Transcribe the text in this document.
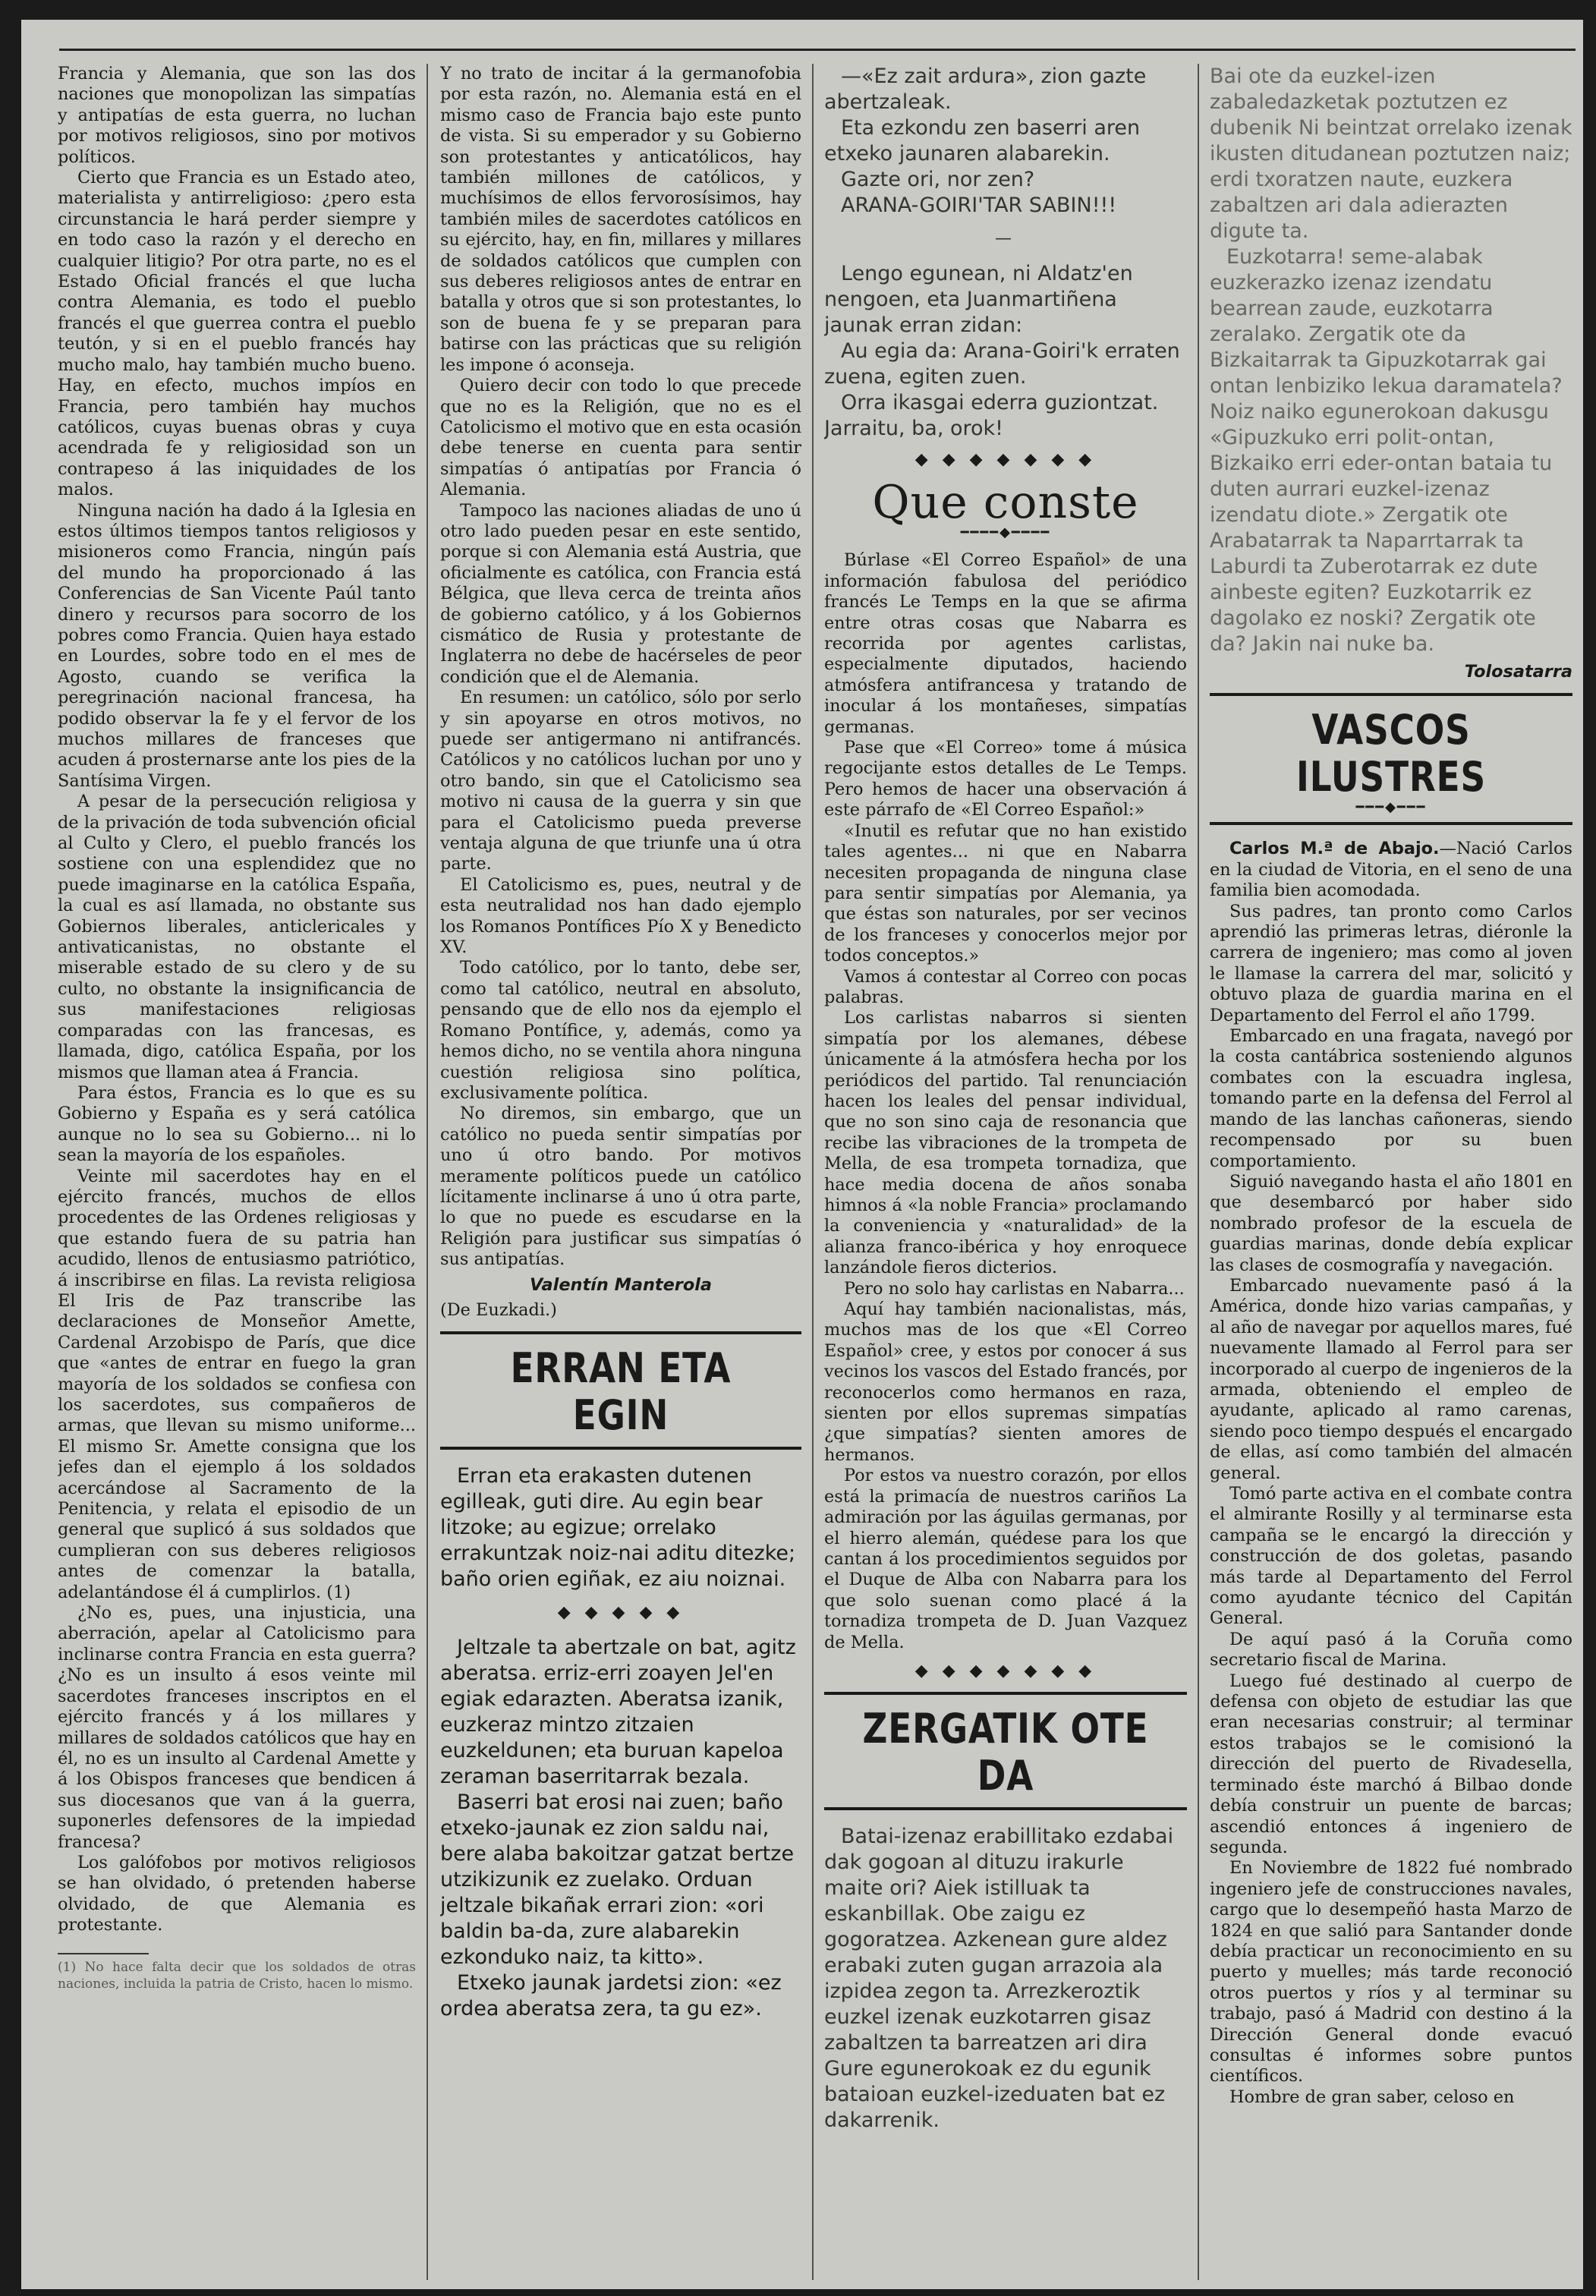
Francia y Alemania, que son las dos naciones que monopolizan las simpatías y antipatías de esta guerra, no luchan por motivos religiosos, sino por motivos políticos.

Cierto que Francia es un Estado ateo, materialista y antirreligioso: ¿pero esta circunstancia le hará perder siempre y en todo caso la razón y el derecho en cualquier litigio? Por otra parte, no es el Estado Oficial francés el que lucha contra Alemania, es todo el pueblo francés el que guerrea contra el pueblo teutón, y si en el pueblo francés hay mucho malo, hay también mucho bueno. Hay, en efecto, muchos impíos en Francia, pero también hay muchos católicos, cuyas buenas obras y cuya acendrada fe y religiosidad son un contrapeso á las iniquidades de los malos.

Ninguna nación ha dado á la Iglesia en estos últimos tiempos tantos religiosos y misioneros como Francia, ningún país del mundo ha proporcionado á las Conferencias de San Vicente Paúl tanto dinero y recursos para socorro de los pobres como Francia. Quien haya estado en Lourdes, sobre todo en el mes de Agosto, cuando se verifica la peregrinación nacional francesa, ha podido observar la fe y el fervor de los muchos millares de franceses que acuden á prosternarse ante los pies de la Santísima Virgen.

A pesar de la persecución religiosa y de la privación de toda subvención oficial al Culto y Clero, el pueblo francés los sostiene con una esplendidez que no puede imaginarse en la católica España, la cual es así llamada, no obstante sus Gobiernos liberales, anticlericales y antivaticanistas, no obstante el miserable estado de su clero y de su culto, no obstante la insignificancia de sus manifestaciones religiosas comparadas con las francesas, es llamada, digo, católica España, por los mismos que llaman atea á Francia.

Para éstos, Francia es lo que es su Gobierno y España es y será católica aunque no lo sea su Gobierno... ni lo sean la mayoría de los españoles.

Veinte mil sacerdotes hay en el ejército francés, muchos de ellos procedentes de las Ordenes religiosas y que estando fuera de su patria han acudido, llenos de entusiasmo patriótico, á inscribirse en filas. La revista religiosa El Iris de Paz transcribe las declaraciones de Monseñor Amette, Cardenal Arzobispo de París, que dice que «antes de entrar en fuego la gran mayoría de los soldados se confiesa con los sacerdotes, sus compañeros de armas, que llevan su mismo uniforme... El mismo Sr. Amette consigna que los jefes dan el ejemplo á los soldados acercándose al Sacramento de la Penitencia, y relata el episodio de un general que suplicó á sus soldados que cumplieran con sus deberes religiosos antes de comenzar la batalla, adelantándose él á cumplirlos. (1)

¿No es, pues, una injusticia, una aberración, apelar al Catolicismo para inclinarse contra Francia en esta guerra? ¿No es un insulto á esos veinte mil sacerdotes franceses inscriptos en el ejército francés y á los millares y millares de soldados católicos que hay en él, no es un insulto al Cardenal Amette y á los Obispos franceses que bendicen á sus diocesanos que van á la guerra, suponerles defensores de la impiedad francesa?

Los galófobos por motivos religiosos se han olvidado, ó pretenden haberse olvidado, de que Alemania es protestante.

(1) No hace falta decir que los soldados de otras naciones, incluida la patria de Cristo, hacen lo mismo.

Y no trato de incitar á la germanofobia por esta razón, no. Alemania está en el mismo caso de Francia bajo este punto de vista. Si su emperador y su Gobierno son protestantes y anticatólicos, hay también millones de católicos, y muchísimos de ellos fervorosísimos, hay también miles de sacerdotes católicos en su ejército, hay, en fin, millares y millares de soldados católicos que cumplen con sus deberes religiosos antes de entrar en batalla y otros que si son protestantes, lo son de buena fe y se preparan para batirse con las prácticas que su religión les impone ó aconseja.

Quiero decir con todo lo que precede que no es la Religión, que no es el Catolicismo el motivo que en esta ocasión debe tenerse en cuenta para sentir simpatías ó antipatías por Francia ó Alemania.

Tampoco las naciones aliadas de uno ú otro lado pueden pesar en este sentido, porque si con Alemania está Austria, que oficialmente es católica, con Francia está Bélgica, que lleva cerca de treinta años de gobierno católico, y á los Gobiernos cismático de Rusia y protestante de Inglaterra no debe de hacérseles de peor condición que el de Alemania.

En resumen: un católico, sólo por serlo y sin apoyarse en otros motivos, no puede ser antigermano ni antifrancés. Católicos y no católicos luchan por uno y otro bando, sin que el Catolicismo sea motivo ni causa de la guerra y sin que para el Catolicismo pueda preverse ventaja alguna de que triunfe una ú otra parte.

El Catolicismo es, pues, neutral y de esta neutralidad nos han dado ejemplo los Romanos Pontífices Pío X y Benedicto XV.

Todo católico, por lo tanto, debe ser, como tal católico, neutral en absoluto, pensando que de ello nos da ejemplo el Romano Pontífice, y, además, como ya hemos dicho, no se ventila ahora ninguna cuestión religiosa sino política, exclusivamente política.

No diremos, sin embargo, que un católico no pueda sentir simpatías por uno ú otro bando. Por motivos meramente políticos puede un católico lícitamente inclinarse á uno ú otra parte, lo que no puede es escudarse en la Religión para justificar sus simpatías ó sus antipatías.

Valentín Manterola

(De Euzkadi.)

ERRAN ETA EGIN

Erran eta erakasten dutenen egilleak, guti dire. Au egin bear litzoke; au egizue; orrelako errakuntzak noiz-nai aditu ditezke; baño orien egiñak, ez aiu noiznai.

◆ ◆ ◆ ◆ ◆

Jeltzale ta abertzale on bat, agitz aberatsa. erriz-erri zoayen Jel'en egiak edarazten. Aberatsa izanik, euzkeraz mintzo zitzaien euzkeldunen; eta buruan kapeloa zeraman baserritarrak bezala.

Baserri bat erosi nai zuen; baño etxeko-jaunak ez zion saldu nai, bere alaba bakoitzar gatzat bertze utzikizunik ez zuelako. Orduan jeltzale bikañak errari zion: «ori baldin ba-da, zure alabarekin ezkonduko naiz, ta kitto».

Etxeko jaunak jardetsi zion: «ez ordea aberatsa zera, ta gu ez».

—«Ez zait ardura», zion gazte abertzaleak.

Eta ezkondu zen baserri aren etxeko jaunaren alabarekin.

Gazte ori, nor zen?

ARANA-GOIRI'TAR SABIN!!!

—

Lengo egunean, ni Aldatz'en nengoen, eta Juanmartiñena jaunak erran zidan:

Au egia da: Arana-Goiri'k erraten zuena, egiten zuen.

Orra ikasgai ederra guziontzat. Jarraitu, ba, orok!

◆ ◆ ◆ ◆ ◆ ◆ ◆
Que conste
━━━━◆━━━━

Búrlase «El Correo Español» de una información fabulosa del periódico francés Le Temps en la que se afirma entre otras cosas que Nabarra es recorrida por agentes carlistas, especialmente diputados, haciendo atmósfera antifrancesa y tratando de inocular á los montañeses, simpatías germanas.

Pase que «El Correo» tome á música regocijante estos detalles de Le Temps. Pero hemos de hacer una observación á este párrafo de «El Correo Español:»

«Inutil es refutar que no han existido tales agentes... ni que en Nabarra necesiten propaganda de ninguna clase para sentir simpatías por Alemania, ya que éstas son naturales, por ser vecinos de los franceses y conocerlos mejor por todos conceptos.»

Vamos á contestar al Correo con pocas palabras.

Los carlistas nabarros si sienten simpatía por los alemanes, débese únicamente á la atmósfera hecha por los periódicos del partido. Tal renunciación hacen los leales del pensar individual, que no son sino caja de resonancia que recibe las vibraciones de la trompeta de Mella, de esa trompeta tornadiza, que hace media docena de años sonaba himnos á «la noble Francia» proclamando la conveniencia y «naturalidad» de la alianza franco-ibérica y hoy enroquece lanzándole fieros dicterios.

Pero no solo hay carlistas en Nabarra...

Aquí hay también nacionalistas, más, muchos mas de los que «El Correo Español» cree, y estos por conocer á sus vecinos los vascos del Estado francés, por reconocerlos como hermanos en raza, sienten por ellos supremas simpatías ¿que simpatías? sienten amores de hermanos.

Por estos va nuestro corazón, por ellos está la primacía de nuestros cariños La admiración por las águilas germanas, por el hierro alemán, quédese para los que cantan á los procedimientos seguidos por el Duque de Alba con Nabarra para los que solo suenan como placé á la tornadiza trompeta de D. Juan Vazquez de Mella.

◆ ◆ ◆ ◆ ◆ ◆ ◆
ZERGATIK OTE DA

Batai-izenaz erabillitako ezdabai dak gogoan al dituzu irakurle maite ori? Aiek istilluak ta eskanbillak. Obe zaigu ez gogoratzea. Azkenean gure aldez erabaki zuten gugan arrazoia ala izpidea zegon ta. Arrezkeroztik euzkel izenak euzkotarren gisaz zabaltzen ta barreatzen ari dira Gure egunerokoak ez du egunik bataioan euzkel-izeduaten bat ez dakarrenik.

Bai ote da euzkel-izen zabaledazketak poztutzen ez dubenik Ni beintzat orrelako izenak ikusten ditudanean poztutzen naiz; erdi txoratzen naute, euzkera zabaltzen ari dala adierazten digute ta.

Euzkotarra! seme-alabak euzkerazko izenaz izendatu bearrean zaude, euzkotarra zeralako. Zergatik ote da Bizkaitarrak ta Gipuzkotarrak gai ontan lenbiziko lekua daramatela? Noiz naiko egunerokoan dakusgu «Gipuzkuko erri polit-ontan, Bizkaiko erri eder-ontan bataia tu duten aurrari euzkel-izenaz izendatu diote.» Zergatik ote Arabatarrak ta Naparrtarrak ta Laburdi ta Zuberotarrak ez dute ainbeste egiten? Euzkotarrik ez dagolako ez noski? Zergatik ote da? Jakin nai nuke ba.

Tolosatarra
VASCOS ILUSTRES
━━━◆━━━

Carlos M.ª de Abajo.—Nació Carlos en la ciudad de Vitoria, en el seno de una familia bien acomodada.

Sus padres, tan pronto como Carlos aprendió las primeras letras, diéronle la carrera de ingeniero; mas como al joven le llamase la carrera del mar, solicitó y obtuvo plaza de guardia marina en el Departamento del Ferrol el año 1799.

Embarcado en una fragata, navegó por la costa cantábrica sosteniendo algunos combates con la escuadra inglesa, tomando parte en la defensa del Ferrol al mando de las lanchas cañoneras, siendo recompensado por su buen comportamiento.

Siguió navegando hasta el año 1801 en que desembarcó por haber sido nombrado profesor de la escuela de guardias marinas, donde debía explicar las clases de cosmografía y navegación.

Embarcado nuevamente pasó á la América, donde hizo varias campañas, y al año de navegar por aquellos mares, fué nuevamente llamado al Ferrol para ser incorporado al cuerpo de ingenieros de la armada, obteniendo el empleo de ayudante, aplicado al ramo carenas, siendo poco tiempo después el encargado de ellas, así como también del almacén general.

Tomó parte activa en el combate contra el almirante Rosilly y al terminarse esta campaña se le encargó la dirección y construcción de dos goletas, pasando más tarde al Departamento del Ferrol como ayudante técnico del Capitán General.

De aquí pasó á la Coruña como secretario fiscal de Marina.

Luego fué destinado al cuerpo de defensa con objeto de estudiar las que eran necesarias construir; al terminar estos trabajos se le comisionó la dirección del puerto de Rivadesella, terminado éste marchó á Bilbao donde debía construir un puente de barcas; ascendió entonces á ingeniero de segunda.

En Noviembre de 1822 fué nombrado ingeniero jefe de construcciones navales, cargo que lo desempeñó hasta Marzo de 1824 en que salió para Santander donde debía practicar un reconocimiento en su puerto y muelles; más tarde reconoció otros puertos y ríos y al terminar su trabajo, pasó á Madrid con destino á la Dirección General donde evacuó consultas é informes sobre puntos científicos.

Hombre de gran saber, celoso en
